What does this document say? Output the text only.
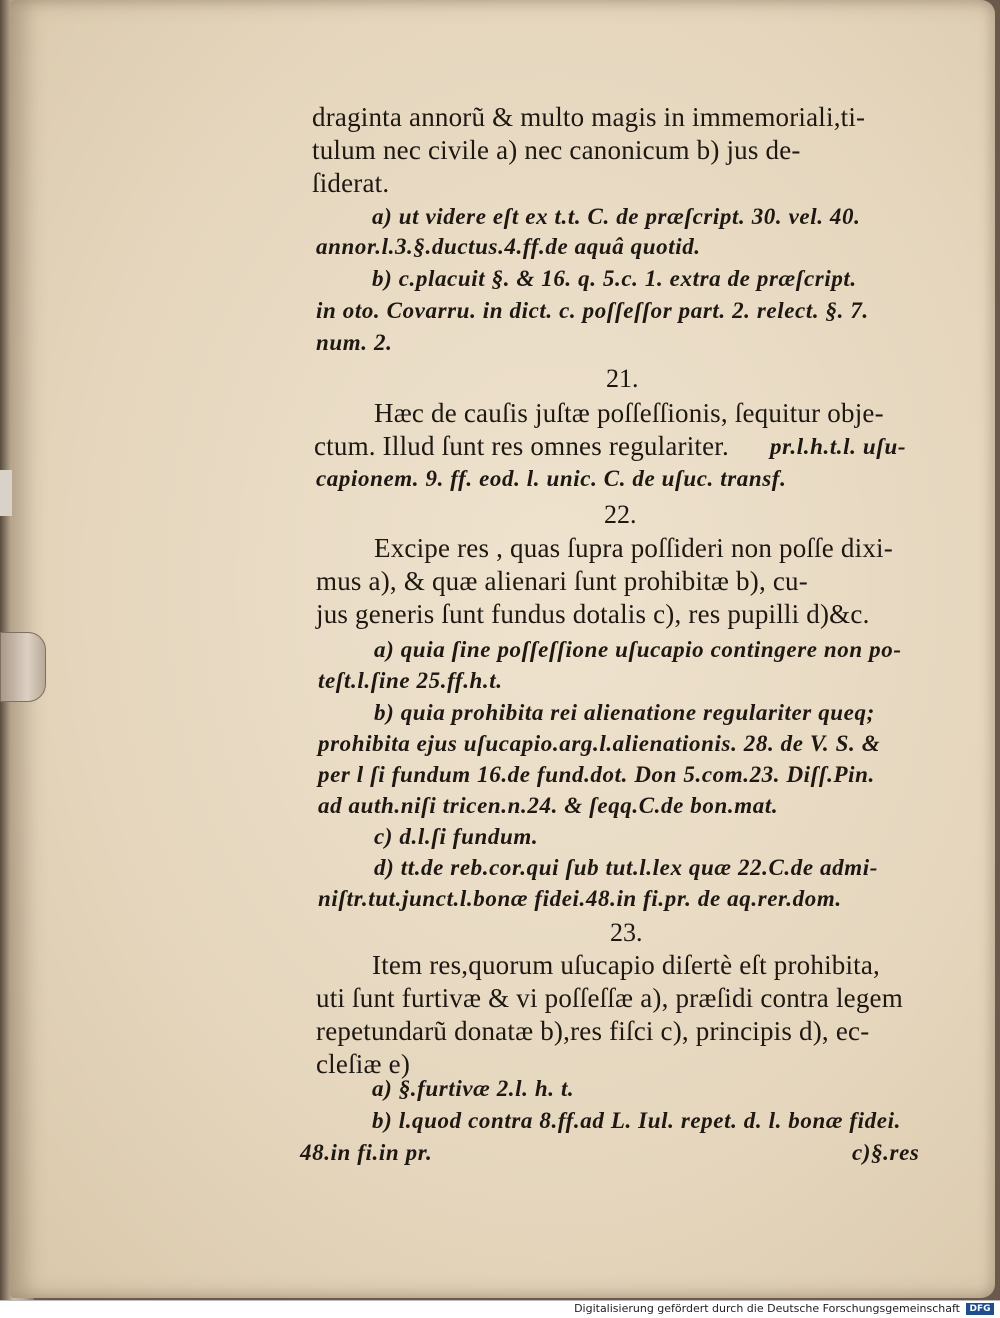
draginta annorũ & multo magis in immemoriali,ti-
tulum nec civile a) nec canonicum b) jus de-
ſiderat.
a) ut videre eſt ex t.t. C. de præſcript. 30. vel. 40.
annor.l.3.§.ductus.4.ff.de aquâ quotid.
b) c.placuit §. & 16. q. 5.c. 1. extra de præſcript.
in oto. Covarru. in dict. c. poſſeſſor part. 2. relect. §. 7.
num. 2.
21.
Hæc de cauſis juſtæ poſſeſſionis, ſequitur obje-
ctum. Illud ſunt res omnes regulariter. pr.l.h.t.l. uſu-
capionem. 9. ff. eod. l. unic. C. de uſuc. transf.
22.
Excipe res , quas ſupra poſſideri non poſſe dixi-
mus a), & quæ alienari ſunt prohibitæ b), cu-
jus generis ſunt fundus dotalis c), res pupilli d)&c.
a) quia ſine poſſeſſione uſucapio contingere non po-
teſt.l.ſine 25.ff.h.t.
b) quia prohibita rei alienatione regulariter queq;
prohibita ejus uſucapio.arg.l.alienationis. 28. de V. S. &
per l ſi fundum 16.de fund.dot. Don 5.com.23. Diſſ.Pin.
ad auth.niſi tricen.n.24. & ſeqq.C.de bon.mat.
c) d.l.ſi fundum.
d) tt.de reb.cor.qui ſub tut.l.lex quæ 22.C.de admi-
niſtr.tut.junct.l.bonæ fidei.48.in fi.pr. de aq.rer.dom.
23.
Item res,quorum uſucapio diſertè eſt prohibita,
uti ſunt furtivæ & vi poſſeſſæ a), præſidi contra legem
repetundarũ donatæ b),res fiſci c), principis d), ec-
cleſiæ e)
a) §.furtivæ 2.l. h. t.
b) l.quod contra 8.ff.ad L. Iul. repet. d. l. bonæ fidei.
48.in fi.in pr.	c)§.res
Digitalisierung gefördert durch die Deutsche Forschungsgemeinschaft	DFG
